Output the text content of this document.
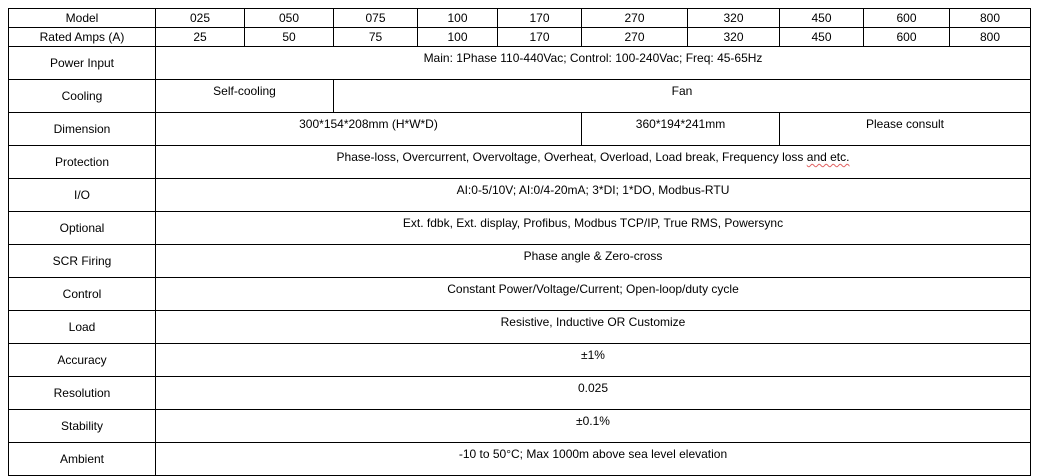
Model	025	050	075	100	170	270	320	450	600	800
Rated Amps (A)	25	50	75	100	170	270	320	450	600	800
Power Input	Main: 1Phase 110-440Vac; Control: 100-240Vac; Freq: 45-65Hz									
Cooling	Self-cooling		Fan							
Dimension	300*154*208mm (H*W*D)					360*194*241mm		Please consult		
Protection	Phase-loss, Overcurrent, Overvoltage, Overheat, Overload, Load break, Frequency loss and etc.									
I/O	AI:0-5/10V; AI:0/4-20mA; 3*DI; 1*DO, Modbus-RTU									
Optional	Ext. fdbk, Ext. display, Profibus, Modbus TCP/IP, True RMS, Powersync									
SCR Firing	Phase angle & Zero-cross									
Control	Constant Power/Voltage/Current; Open-loop/duty cycle									
Load	Resistive, Inductive OR Customize									
Accuracy	±1%									
Resolution	0.025									
Stability	±0.1%									
Ambient	-10 to 50°C; Max 1000m above sea level elevation									
